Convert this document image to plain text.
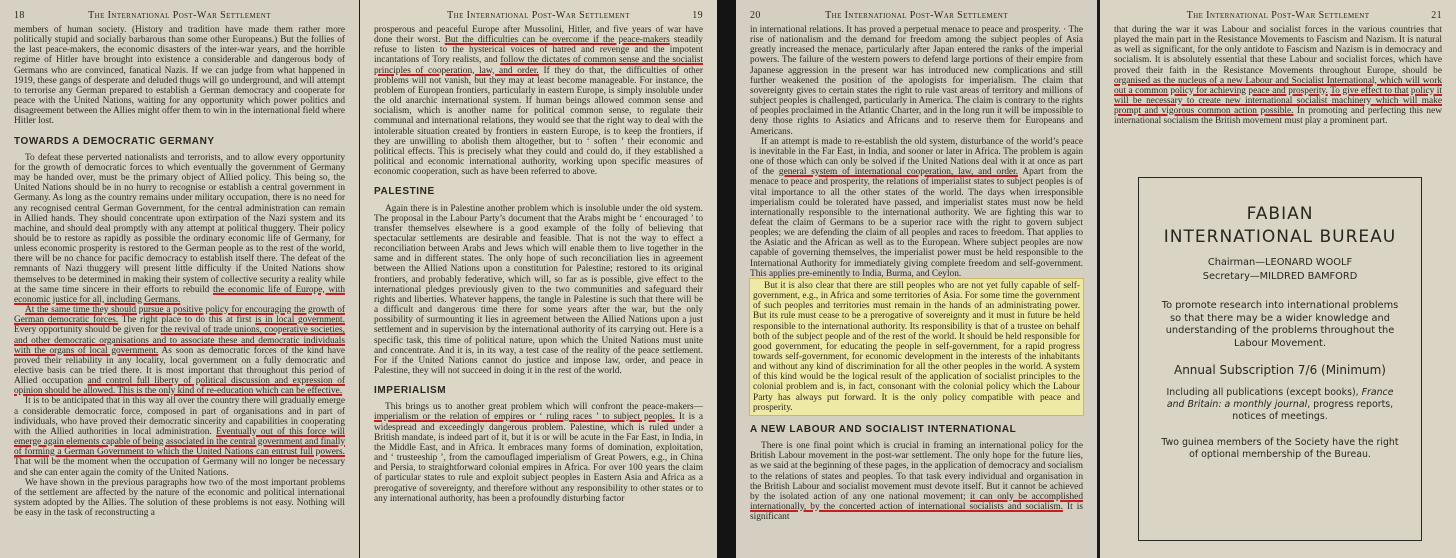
18	The International Post-War Settlement

members of human society. (History and tradition have made them rather more politically stupid and socially barbarous than some other Europeans.) But the follies of the last peace-makers, the economic disasters of the inter-war years, and the horrible regime of Hitler have brought into existence a considerable and dangerous body of Germans who are convinced, fanatical Nazis. If we can judge from what happened in 1919, these gangs of desperate and deluded thugs will go underground, and will attempt to terrorise any German prepared to establish a German democracy and cooperate for peace with the United Nations, waiting for any opportunity which power politics and disagreement between the Allies might offer them to win in the international field where Hitler lost.

TOWARDS A DEMOCRATIC GERMANY

To defeat these perverted nationalists and terrorists, and to allow every opportunity for the growth of democratic forces to which eventually the government of Germany may be handed over, must be the primary object of Allied policy. This being so, the United Nations should be in no hurry to recognise or establish a central government in Germany. As long as the country remains under military occupation, there is no need for any recognised central German Government, for the central administration can remain in Allied hands. They should concentrate upon extirpation of the Nazi system and its machine, and should deal promptly with any attempt at political thuggery. Their policy should be to restore as rapidly as possible the ordinary economic life of Germany, for unless economic prosperity is restored to the German people as to the rest of the world, there will be no chance for pacific democracy to establish itself there. The defeat of the remnants of Nazi thuggery will present little difficulty if the United Nations show themselves to be determined in making their system of collective security a reality while at the same time sincere in their efforts to rebuild the economic life of Europe, with economic justice for all, including Germans.

At the same time they should pursue a positive policy for encouraging the growth of German democratic forces. The right place to do this at first is in local government. Every opportunity should be given for the revival of trade unions, cooperative societies, and other democratic organisations and to associate these and democratic individuals with the organs of local government. As soon as democratic forces of the kind have proved their reliability in any locality, local government on a fully democratic and elective basis can be tried there. It is most important that throughout this period of Allied occupation and control full liberty of political discussion and expression of opinion should be allowed. This is the only kind of re-education which can be effective.

It is to be anticipated that in this way all over the country there will gradually emerge a considerable democratic force, composed in part of organisations and in part of individuals, who have proved their democratic sincerity and capabilities in cooperating with the Allied authorities in local administration. Eventually out of this force will emerge again elements capable of being associated in the central government and finally of forming a German Government to which the United Nations can entrust full powers. That will be the moment when the occupation of Germany will no longer be necessary and she can enter again the comity of the United Nations.

We have shown in the previous paragraphs how two of the most important problems of the settlement are affected by the nature of the economic and political international system adopted by the Allies. The solution of these problems is not easy. Nothing will be easy in the task of reconstructing a

The International Post-War Settlement	19

prosperous and peaceful Europe after Mussolini, Hitler, and five years of war have done their worst. But the difficulties can be overcome if the peace-makers steadily refuse to listen to the hysterical voices of hatred and revenge and the impotent incantations of Tory realists, and follow the dictates of common sense and the socialist principles of cooperation, law, and order. If they do that, the difficulties of other problems will not vanish, but they may at least become manageable. For instance, the problem of European frontiers, particularly in eastern Europe, is simply insoluble under the old anarchic international system. If human beings allowed common sense and socialism, which is another name for political common sense, to regulate their communal and international relations, they would see that the right way to deal with the intolerable situation created by frontiers in eastern Europe, is to keep the frontiers, if they are unwilling to abolish them altogether, but to ‘ soften ’ their economic and political effects. This is precisely what they could and could do, if they established a political and economic international authority, working upon specific measures of economic cooperation, such as have been referred to above.

PALESTINE

Again there is in Palestine another problem which is insoluble under the old system. The proposal in the Labour Party’s document that the Arabs might be ‘ encouraged ’ to transfer themselves elsewhere is a good example of the folly of believing that spectacular settlements are desirable and feasible. That is not the way to effect a reconciliation between Arabs and Jews which will enable them to live together in the same and in different states. The only hope of such reconciliation lies in agreement between the Allied Nations upon a constitution for Palestine; restored to its original frontiers, and probably federative, which will, so far as is possible, give effect to the international pledges previously given to the two communities and safeguard their rights and liberties. Whatever happens, the tangle in Palestine is such that there will be a difficult and dangerous time there for some years after the war, but the only possibility of surmounting it lies in agreement between the Allied Nations upon a just settlement and in supervision by the international authority of its carrying out. Here is a specific task, this time of political nature, upon which the United Nations must unite and concentrate. And it is, in its way, a test case of the reality of the peace settlement. For if the United Nations cannot do justice and impose law, order, and peace in Palestine, they will not succeed in doing it in the rest of the world.

IMPERIALISM

This brings us to another great problem which will confront the peace-makers—imperialism or the relation of empires or ‘ ruling races ’ to subject peoples. It is a widespread and exceedingly dangerous problem. Palestine, which is ruled under a British mandate, is indeed part of it, but it is or will be acute in the Far East, in India, in the Middle East, and in Africa. It embraces many forms of domination, exploitation, and ‘ trusteeship ’, from the camouflaged imperialism of Great Powers, e.g., in China and Persia, to straightforward colonial empires in Africa. For over 100 years the claim of particular states to rule and exploit subject peoples in Eastern Asia and Africa as a prerogative of sovereignty, and therefore without any responsibility to other states or to any international authority, has been a profoundly disturbing factor

20	The International Post-War Settlement

in international relations. It has proved a perpetual menace to peace and prosperity. · The rise of nationalism and the demand for freedom among the subject peoples of Asia greatly increased the menace, particularly after Japan entered the ranks of the imperial powers. The failure of the western powers to defend large portions of their empire from Japanese aggression in the present war has introduced new complications and still further weakened the position of the apologists for imperialism. The claim that sovereignty gives to certain states the right to rule vast areas of territory and millions of subject peoples is challenged, particularly in America. The claim is contrary to the rights of peoples proclaimed in the Atlantic Charter, and in the long run it will be impossible to deny those rights to Asiatics and Africans and to reserve them for Europeans and Americans.

If an attempt is made to re-establish the old system, disturbance of the world’s peace is inevitable in the Far East, in India, and sooner or later in Africa. The problem is again one of those which can only be solved if the United Nations deal with it at once as part of the general system of international cooperation, law, and order. Apart from the menace to peace and prosperity, the relations of imperialist states to subject peoples is of vital importance to all the other states of the world. The days when irresponsible imperialism could be tolerated have passed, and imperialist states must now be held internationally responsible to the international authority. We are fighting this war to defeat the claim of Germans to be a superior race with the right to govern subject peoples; we are defending the claim of all peoples and races to freedom. That applies to the Asiatic and the African as well as to the European. Where subject peoples are now capable of governing themselves, the imperialist power must be held responsible to the International Authority for immediately giving complete freedom and self-government. This applies pre-eminently to India, Burma, and Ceylon.

But it is also clear that there are still peoples who are not yet fully capable of self-government, e.g., in Africa and some territories of Asia. For some time the government of such peoples and territories must remain in the hands of an administrating power. But its rule must cease to be a prerogative of sovereignty and it must in future be held responsible to the international authority. Its responsibility is that of a trustee on behalf both of the subject people and of the rest of the world. It should be held responsible for good government, for educating the people in self-government, for a rapid progress towards self-government, for economic development in the interests of the inhabitants and without any kind of discrimination for all the other peoples in the world. A system of this kind would be the logical result of the application of socialist principles to the colonial problem and is, in fact, consonant with the colonial policy which the Labour Party has always put forward. It is the only policy compatible with peace and prosperity.

A NEW LABOUR AND SOCIALIST INTERNATIONAL

There is one final point which is crucial in framing an international policy for the British Labour movement in the post-war settlement. The only hope for the future lies, as we said at the beginning of these pages, in the application of democracy and socialism to the relations of states and peoples. To that task every individual and organisation in the British Labour and socialist movement must devote itself. But it cannot be achieved by the isolated action of any one national movement; it can only be accomplished internationally, by the concerted action of international socialists and socialism. It is significant

The International Post-War Settlement	21

that during the war it was Labour and socialist forces in the various countries that played the main part in the Resistance Movements to Fascism and Nazism. It is natural as well as significant, for the only antidote to Fascism and Nazism is in democracy and socialism. It is absolutely essential that these Labour and socialist forces, which have proved their faith in the Resistance Movements throughout Europe, should be organised as the nucleus of a new Labour and Socialist International, which will work out a common policy for achieving peace and prosperity. To give effect to that policy it will be necessary to create new international socialist machinery which will make prompt and vigorous common action possible. In promoting and perfecting this new international socialism the British movement must play a prominent part.

FABIAN
INTERNATIONAL BUREAU
Chairman—LEONARD WOOLF
Secretary—MILDRED BAMFORD
To promote research into international problems so that there may be a wider knowledge and understanding of the problems throughout the Labour Movement.
Annual Subscription 7/6 (Minimum)
Including all publications (except books), France and Britain: a monthly journal, progress reports, notices of meetings.
Two guinea members of the Society have the right of optional membership of the Bureau.
